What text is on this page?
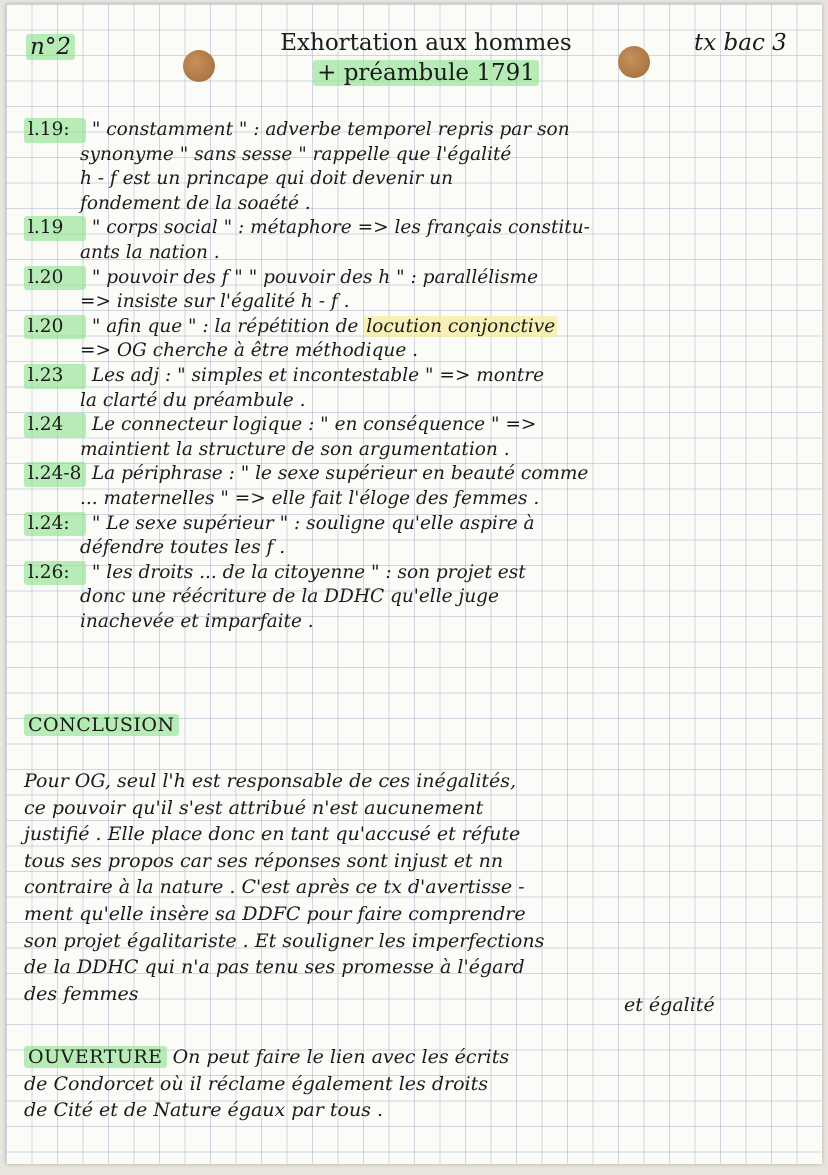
n°2	Exhortation aux hommes
+ préambule 1791
tx bac 3
l.19: " constamment " : adverbe temporel repris par son
synonyme " sans sesse " rappelle que l'égalité
h - f est un princape qui doit devenir un
fondement de la soaété .
l.19 " corps social " : métaphore => les français constitu-
ants la nation .
l.20 " pouvoir des f " " pouvoir des h " : parallélisme
=> insiste sur l'égalité h - f .
l.20 " afin que " : la répétition de locution conjonctive
=> OG cherche à être méthodique .
l.23 Les adj : " simples et incontestable " => montre
la clarté du préambule .
l.24 Le connecteur logique : " en conséquence " =>
maintient la structure de son argumentation .
l.24-8 La périphrase : " le sexe supérieur en beauté comme
... maternelles " => elle fait l'éloge des femmes .
l.24: " Le sexe supérieur " : souligne qu'elle aspire à
défendre toutes les f .
l.26: " les droits ... de la citoyenne " : son projet est
donc une réécriture de la DDHC qu'elle juge
inachevée et imparfaite .
CONCLUSION
Pour OG, seul l'h est responsable de ces inégalités,
ce pouvoir qu'il s'est attribué n'est aucunement
justifié . Elle place donc en tant qu'accusé et réfute
tous ses propos car ses réponses sont injust et nn
contraire à la nature . C'est après ce tx d'avertisse -
ment qu'elle insère sa DDFC pour faire comprendre
son projet égalitariste . Et souligner les imperfections
de la DDHC qui n'a pas tenu ses promesse à l'égard
des femmes
et égalité
OUVERTURE On peut faire le lien avec les écrits
de Condorcet où il réclame également les droits
de Cité et de Nature égaux par tous .
